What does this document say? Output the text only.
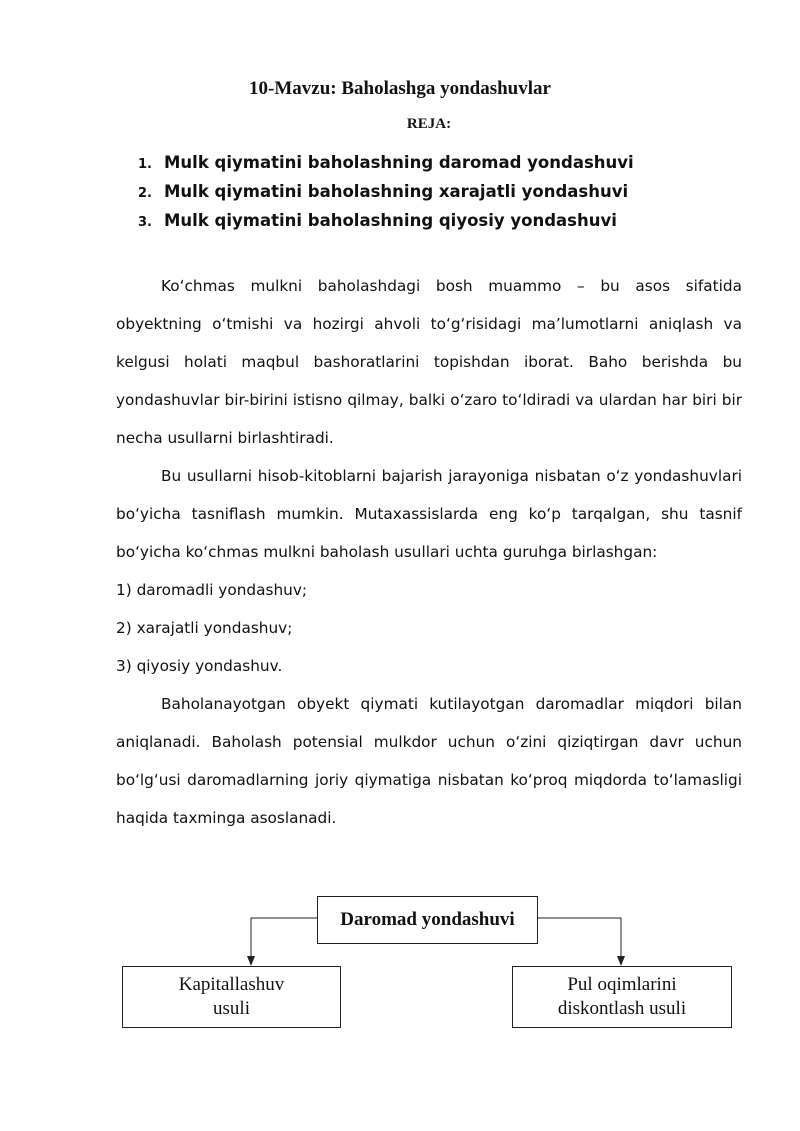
10-Mavzu: Baholashga yondashuvlar
REJA:
1. Mulk qiymatini baholashning daromad yondashuvi
2. Mulk qiymatini baholashning xarajatli yondashuvi
3. Mulk qiymatini baholashning qiyosiy yondashuvi

Koʻchmas mulkni baholashdagi bosh muammo – bu asos sifatida obyektning oʻtmishi va hozirgi ahvoli toʻgʻrisidagi maʼlumotlarni aniqlash va kelgusi holati maqbul bashoratlarini topishdan iborat. Baho berishda bu yondashuvlar bir-birini istisno qilmay, balki oʻzaro toʻldiradi va ulardan har biri bir necha usullarni birlashtiradi.

Bu usullarni hisob-kitoblarni bajarish jarayoniga nisbatan oʻz yondashuvlari boʻyicha tasniflash mumkin. Mutaxassislarda eng koʻp tarqalgan, shu tasnif boʻyicha koʻchmas mulkni baholash usullari uchta guruhga birlashgan:

1) daromadli yondashuv;

2) xarajatli yondashuv;

3) qiyosiy yondashuv.

Baholanayotgan obyekt qiymati kutilayotgan daromadlar miqdori bilan aniqlanadi. Baholash potensial mulkdor uchun oʻzini qiziqtirgan davr uchun boʻlgʻusi daromadlarning joriy qiymatiga nisbatan koʻproq miqdorda toʻlamasligi haqida taxminga asoslanadi.

Daromad yondashuvi
Kapitallashuv
usuli
Pul oqimlarini
diskontlash usuli
